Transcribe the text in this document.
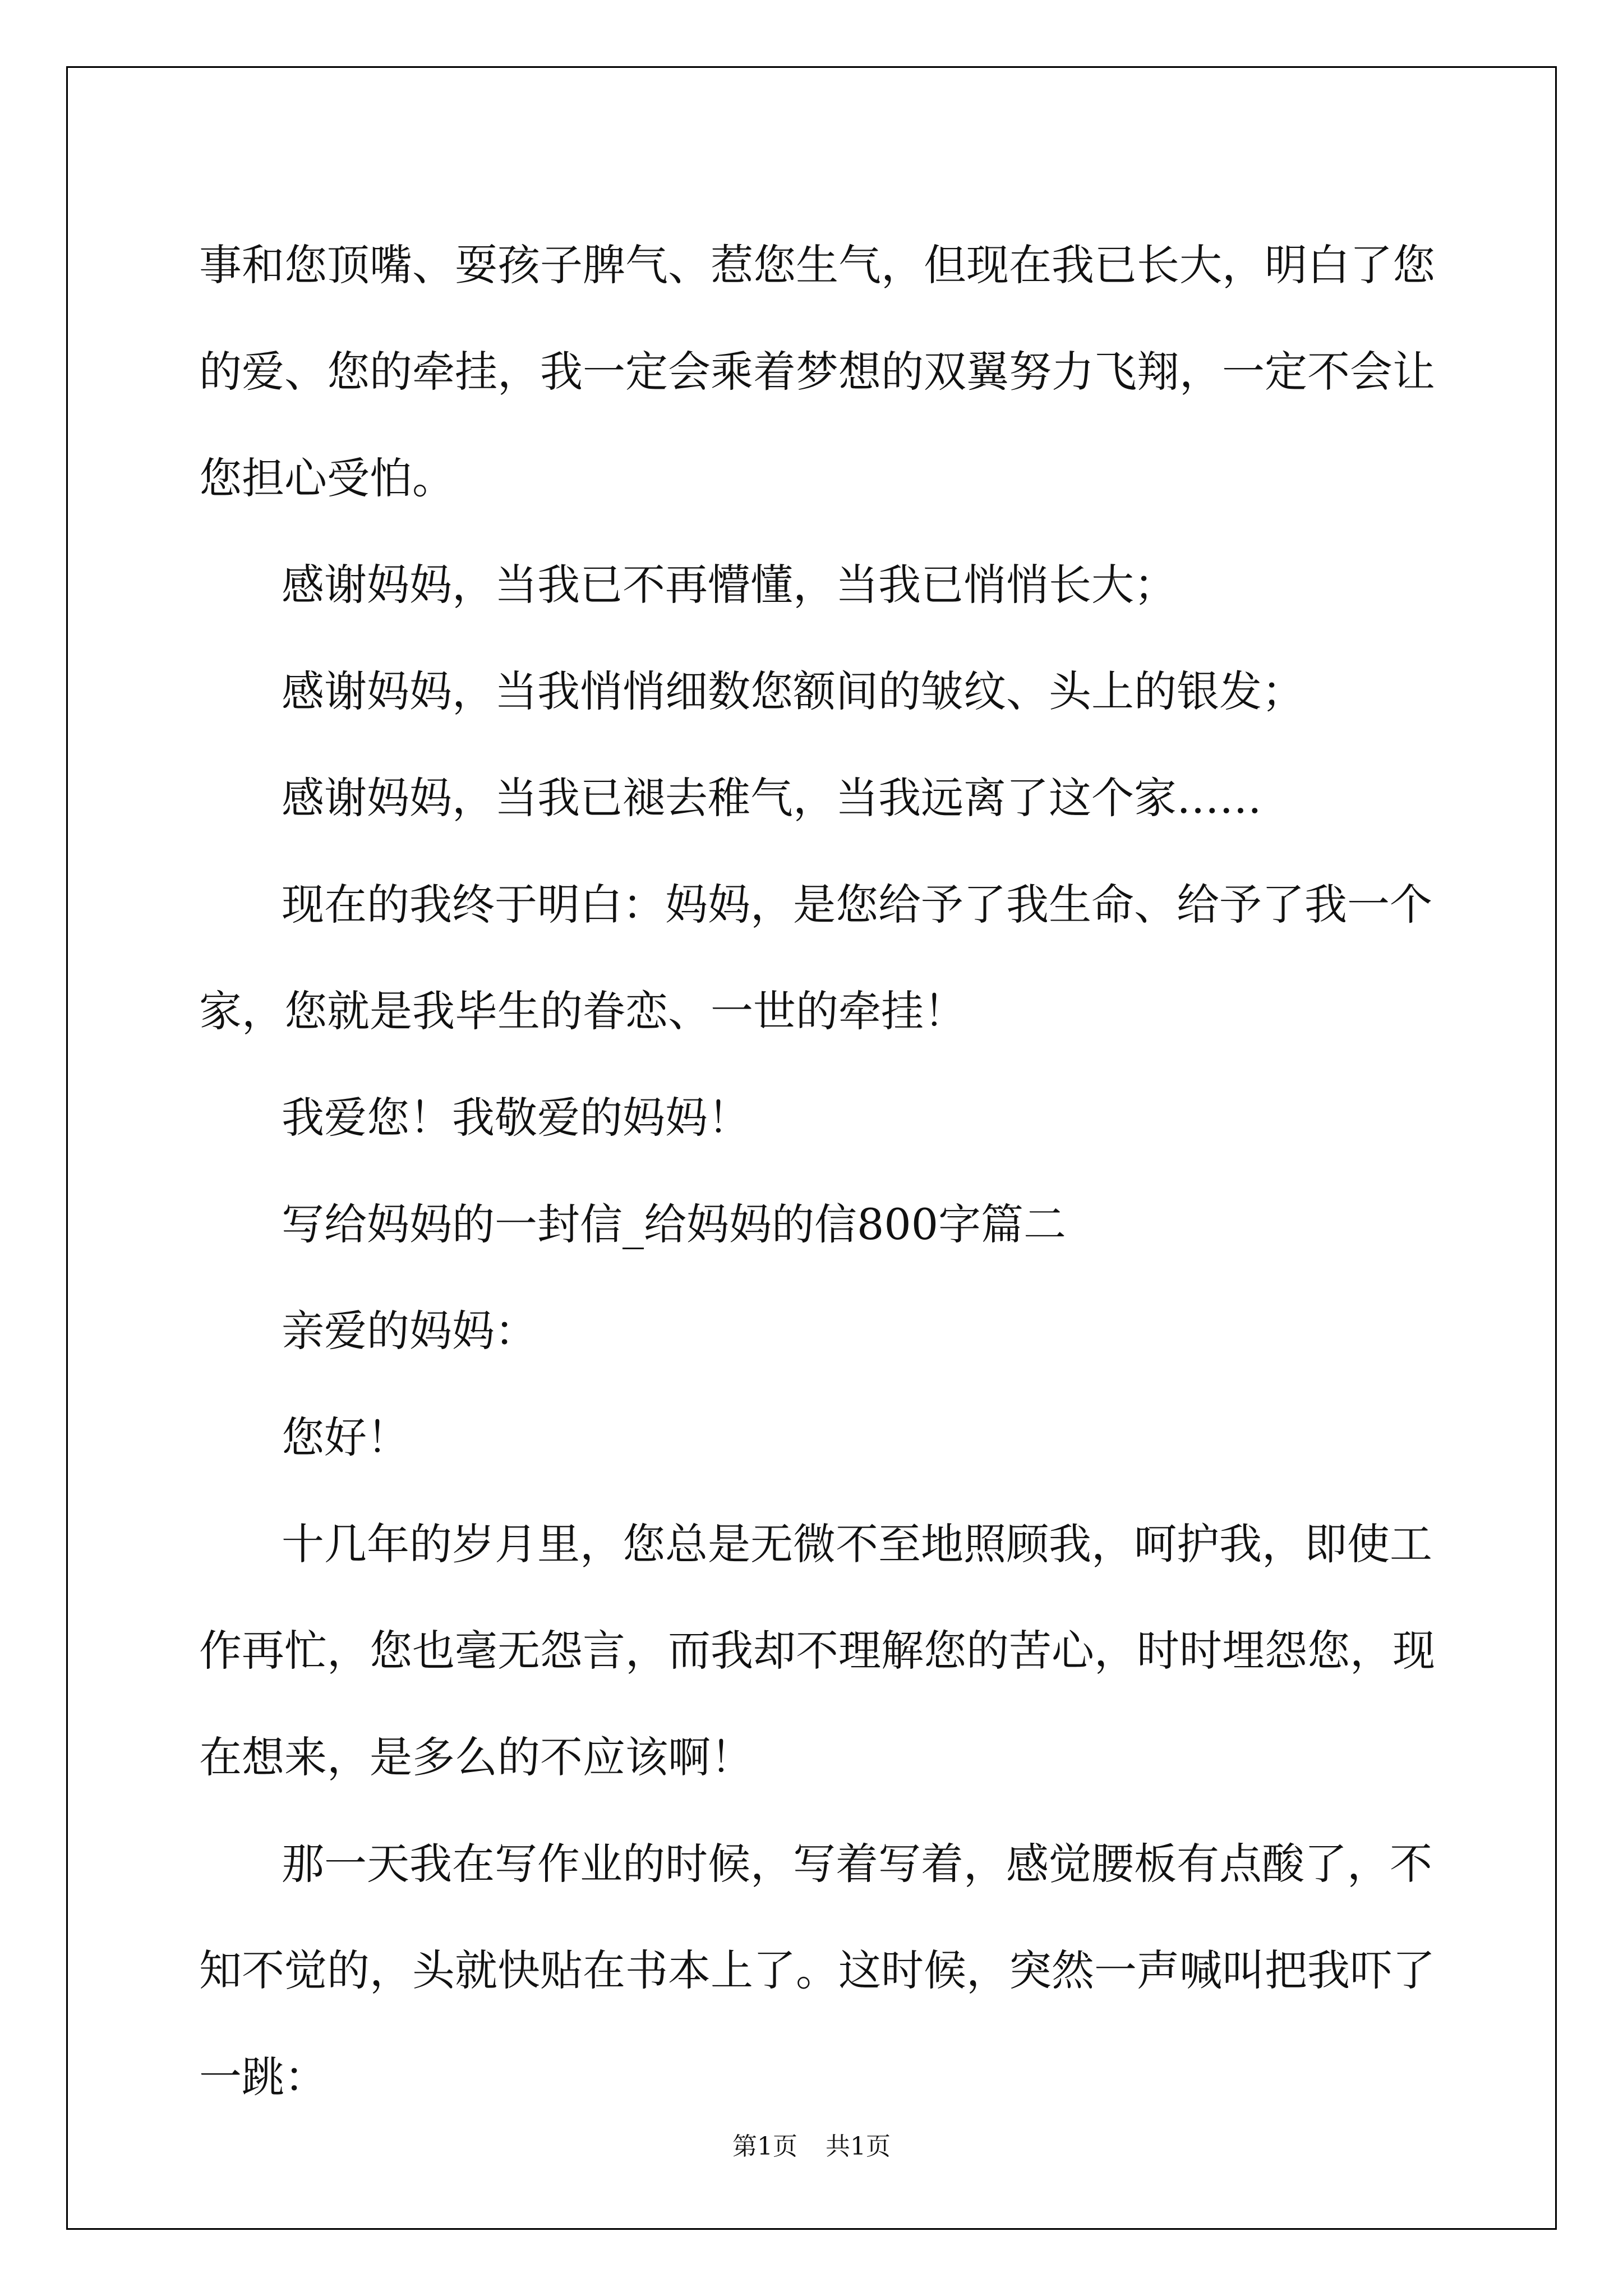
事和您顶嘴、耍孩子脾气、惹您生气，但现在我已长大，明白了您的爱、您的牵挂，我一定会乘着梦想的双翼努力飞翔，一定不会让您担心受怕。

感谢妈妈，当我已不再懵懂，当我已悄悄长大；

感谢妈妈，当我悄悄细数您额间的皱纹、头上的银发；

感谢妈妈，当我已褪去稚气，当我远离了这个家……

现在的我终于明白：妈妈，是您给予了我生命、给予了我一个家，您就是我毕生的眷恋、一世的牵挂！

我爱您！我敬爱的妈妈！

写给妈妈的一封信_给妈妈的信800字篇二

亲爱的妈妈：

您好！

十几年的岁月里，您总是无微不至地照顾我，呵护我，即使工作再忙，您也毫无怨言，而我却不理解您的苦心，时时埋怨您，现在想来，是多么的不应该啊！

那一天我在写作业的时候，写着写着，感觉腰板有点酸了，不知不觉的，头就快贴在书本上了。这时候，突然一声喊叫把我吓了一跳：

第1页 共1页
